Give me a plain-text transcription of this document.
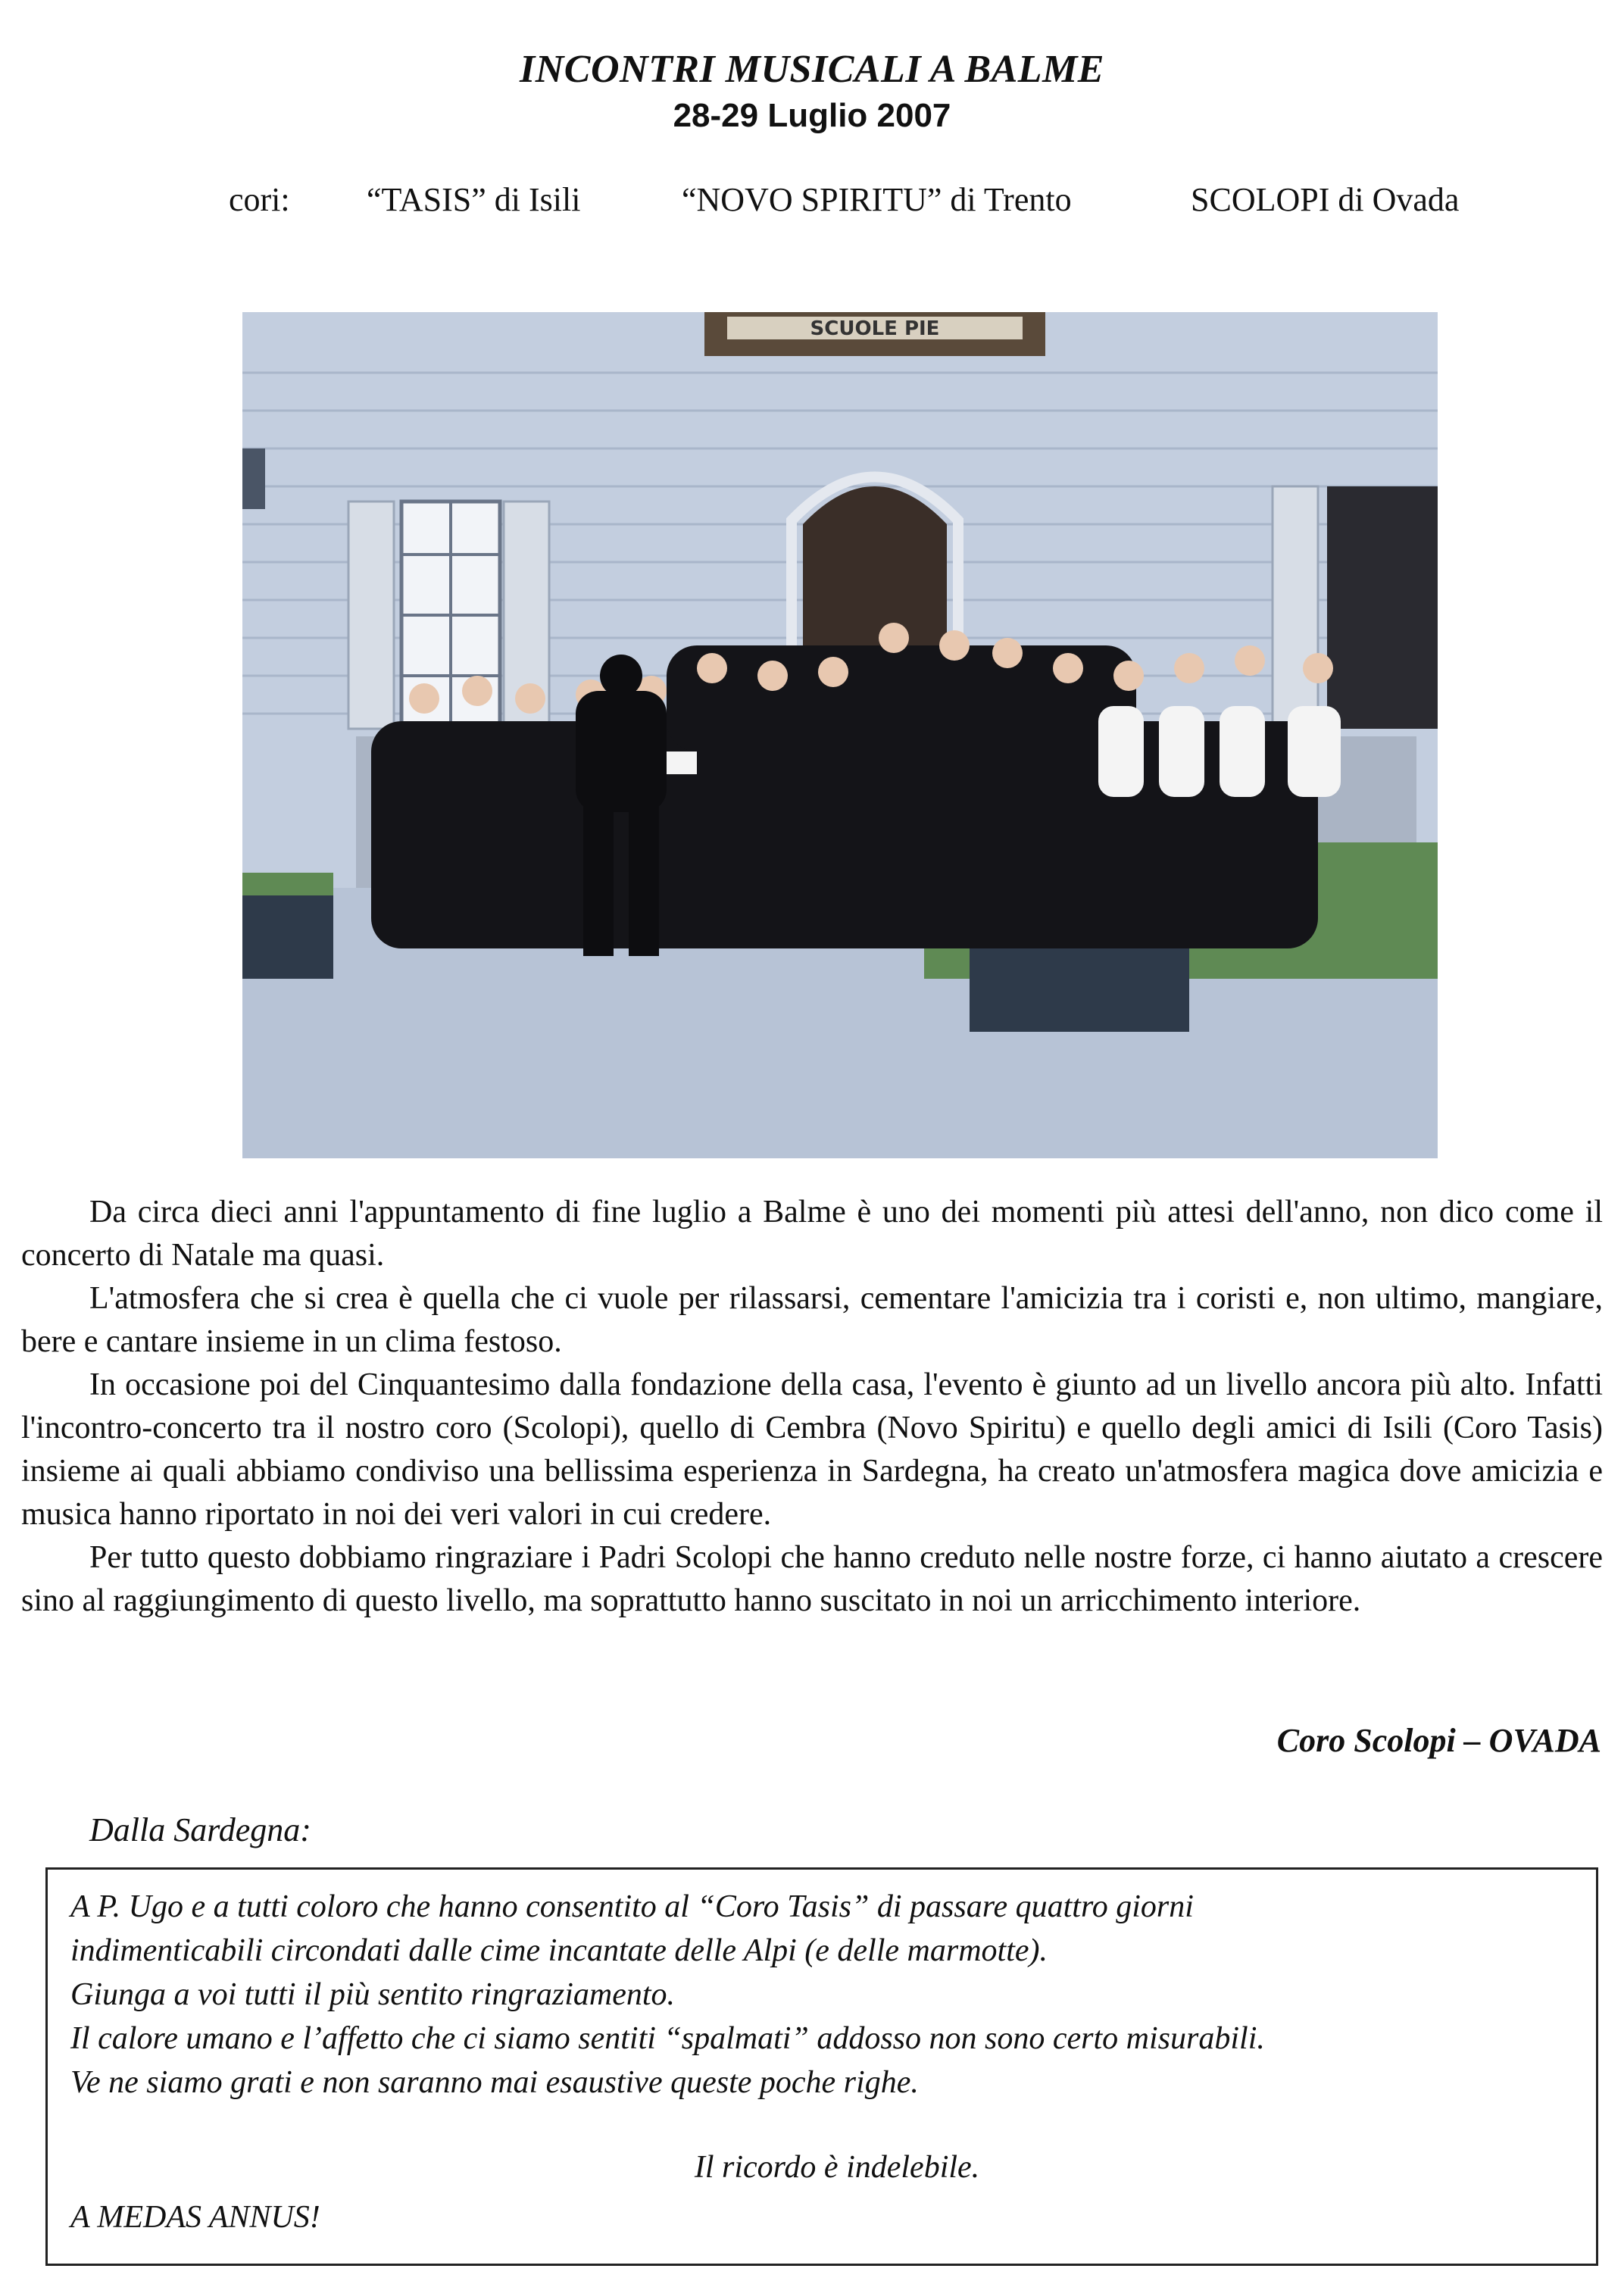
INCONTRI MUSICALI A BALME
28-29 Luglio 2007
cori: “TASIS” di Isili	“NOVO SPIRITU” di Trento	SCOLOPI di Ovada
SCUOLE PIE

Da circa dieci anni l'appuntamento di fine luglio a Balme è uno dei momenti più attesi dell'anno, non dico come il concerto di Natale ma quasi.

L'atmosfera che si crea è quella che ci vuole per rilassarsi, cementare l'amicizia tra i coristi e, non ultimo, mangiare, bere e cantare insieme in un clima festoso.

In occasione poi del Cinquantesimo dalla fondazione della casa, l'evento è giunto ad un livello ancora più alto. Infatti l'incontro-concerto tra il nostro coro (Scolopi), quello di Cembra (Novo Spiritu) e quello degli amici di Isili (Coro Tasis) insieme ai quali abbiamo condiviso una bellissima esperienza in Sardegna, ha creato un'atmosfera magica dove amicizia e musica hanno riportato in noi dei veri valori in cui credere.

Per tutto questo dobbiamo ringraziare i Padri Scolopi che hanno creduto nelle nostre forze, ci hanno aiutato a crescere sino al raggiungimento di questo livello, ma soprattutto hanno suscitato in noi un arricchimento interiore.

Coro Scolopi – OVADA
Dalla Sardegna:
A P. Ugo e a tutti coloro che hanno consentito al “Coro Tasis” di passare quattro giorni
indimenticabili circondati dalle cime incantate delle Alpi (e delle marmotte).
Giunga a voi tutti il più sentito ringraziamento.
Il calore umano e l’affetto che ci siamo sentiti “spalmati” addosso non sono certo misurabili.
Ve ne siamo grati e non saranno mai esaustive queste poche righe.
Il ricordo è indelebile.
A MEDAS ANNUS!
